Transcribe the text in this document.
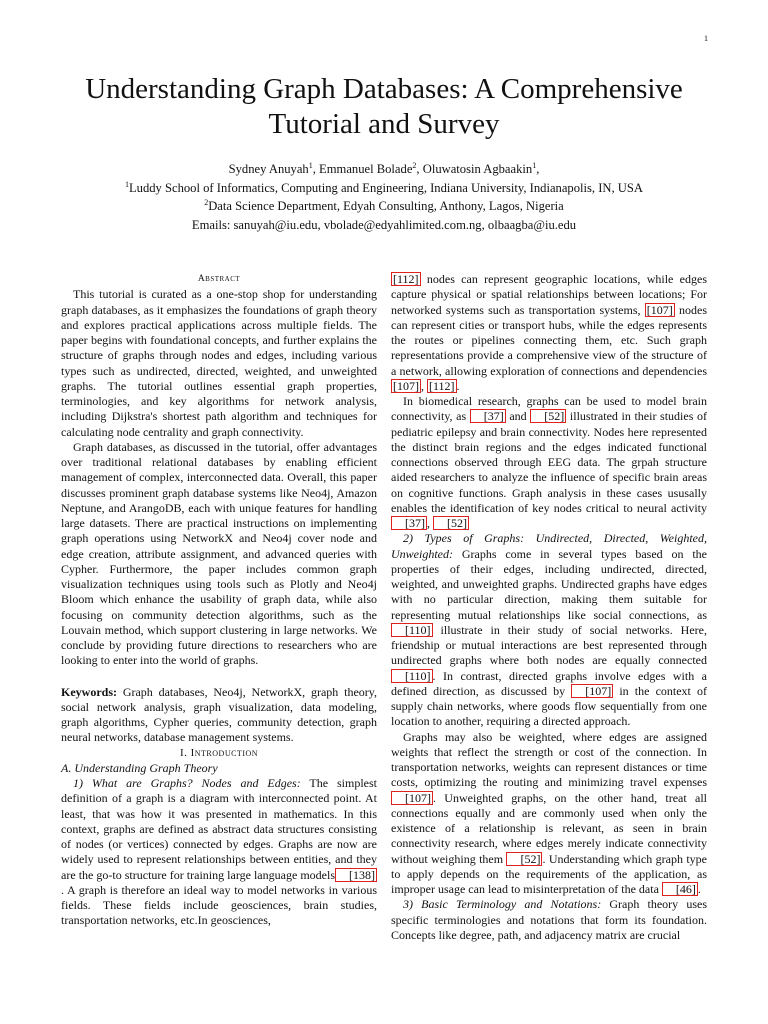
1
Understanding Graph Databases: A Comprehensive
Tutorial and Survey
Sydney Anuyah$^1$, Emmanuel Bolade$^2$, Oluwatosin Agbaakin$^1$,
$^1$Luddy School of Informatics, Computing and Engineering, Indiana University, Indianapolis, IN, USA
$^2$Data Science Department, Edyah Consulting, Anthony, Lagos, Nigeria
Emails: sanuyah@iu.edu, vbolade@edyahlimited.com.ng, olbaagba@iu.edu

Abstract

This tutorial is curated as a one-stop shop for understanding graph databases, as it emphasizes the foundations of graph theory and explores practical applications across multiple fields. The paper begins with foundational concepts, and further explains the structure of graphs through nodes and edges, including various types such as undirected, directed, weighted, and unweighted graphs. The tutorial outlines essential graph properties, terminologies, and key algorithms for network analysis, including Dijkstra's shortest path algorithm and techniques for calculating node centrality and graph connectivity.

Graph databases, as discussed in the tutorial, offer advantages over traditional relational databases by enabling efficient management of complex, interconnected data. Overall, this paper discusses prominent graph database systems like Neo4j, Amazon Neptune, and ArangoDB, each with unique features for handling large datasets. There are practical instructions on implementing graph operations using NetworkX and Neo4j cover node and edge creation, attribute assignment, and advanced queries with Cypher. Furthermore, the paper includes common graph visualization techniques using tools such as Plotly and Neo4j Bloom which enhance the usability of graph data, while also focusing on community detection algorithms, such as the Louvain method, which support clustering in large networks. We conclude by providing future directions to researchers who are looking to enter into the world of graphs.

Keywords: Graph databases, Neo4j, NetworkX, graph theory, social network analysis, graph visualization, data modeling, graph algorithms, Cypher queries, community detection, graph neural networks, database management systems.

I. Introduction

A. Understanding Graph Theory

1) What are Graphs? Nodes and Edges: The simplest definition of a graph is a diagram with interconnected point. At least, that was how it was presented in mathematics. In this context, graphs are defined as abstract data structures consisting of nodes (or vertices) connected by edges. Graphs are now are widely used to represent relationships between entities, and they are the go-to structure for training large language models [138]. A graph is therefore an ideal way to model networks in various fields. These fields include geosciences, brain studies, transportation networks, etc.In geosciences,

[112] nodes can represent geographic locations, while edges capture physical or spatial relationships between locations; For networked systems such as transportation systems, [107] nodes can represent cities or transport hubs, while the edges represents the routes or pipelines connecting them, etc. Such graph representations provide a comprehensive view of the structure of a network, allowing exploration of connections and dependencies [107] , [112] .

In biomedical research, graphs can be used to model brain connectivity, as [37] and [52] illustrated in their studies of pediatric epilepsy and brain connectivity. Nodes here represented the distinct brain regions and the edges indicated functional connections observed through EEG data. The grpah structure aided researchers to analyze the influence of specific brain areas on cognitive functions. Graph analysis in these cases ususally enables the identification of key nodes critical to neural activity [37] , [52]

2) Types of Graphs: Undirected, Directed, Weighted, Unweighted: Graphs come in several types based on the properties of their edges, including undirected, directed, weighted, and unweighted graphs. Undirected graphs have edges with no particular direction, making them suitable for representing mutual relationships like social connections, as [110] illustrate in their study of social networks. Here, friendship or mutual interactions are best represented through undirected graphs where both nodes are equally connected [110] . In contrast, directed graphs involve edges with a defined direction, as discussed by [107] in the context of supply chain networks, where goods flow sequentially from one location to another, requiring a directed approach.

Graphs may also be weighted, where edges are assigned weights that reflect the strength or cost of the connection. In transportation networks, weights can represent distances or time costs, optimizing the routing and minimizing travel expenses [107] . Unweighted graphs, on the other hand, treat all connections equally and are commonly used when only the existence of a relationship is relevant, as seen in brain connectivity research, where edges merely indicate connectivity without weighing them [52] . Understanding which graph type to apply depends on the requirements of the application, as improper usage can lead to misinterpretation of the data [46] .

3) Basic Terminology and Notations: Graph theory uses specific terminologies and notations that form its foundation. Concepts like degree, path, and adjacency matrix are crucial
